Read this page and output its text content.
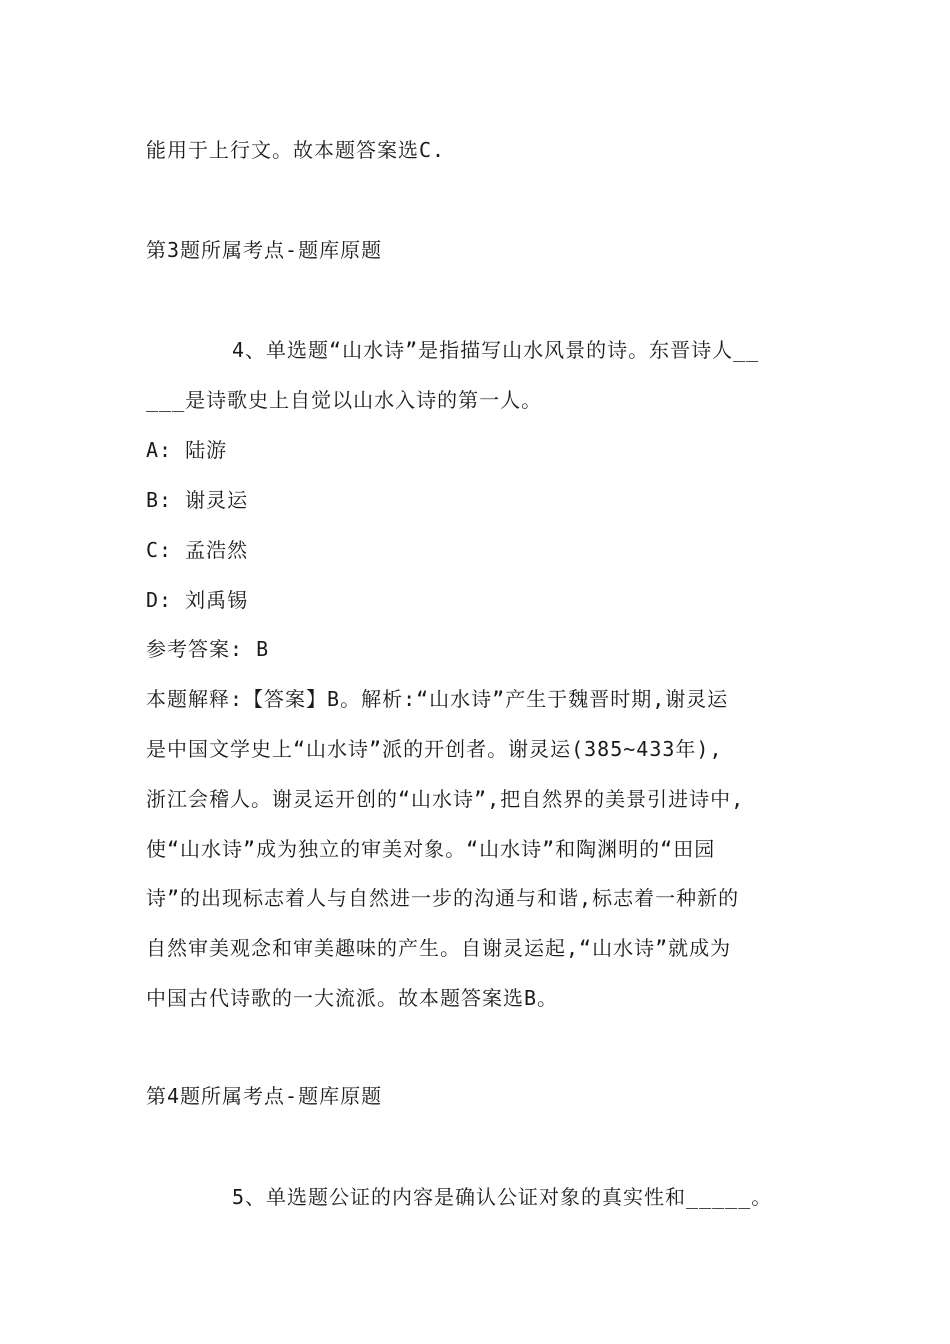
能用于上行文。故本题答案选C.
第3题所属考点-题库原题
4、单选题“山水诗”是指描写山水风景的诗。东晋诗人__
___是诗歌史上自觉以山水入诗的第一人。
A: 陆游
B: 谢灵运
C: 孟浩然
D: 刘禹锡
参考答案: B
本题解释:【答案】B。解析:“山水诗”产生于魏晋时期,谢灵运
是中国文学史上“山水诗”派的开创者。谢灵运(385~433年),
浙江会稽人。谢灵运开创的“山水诗”,把自然界的美景引进诗中,
使“山水诗”成为独立的审美对象。“山水诗”和陶渊明的“田园
诗”的出现标志着人与自然进一步的沟通与和谐,标志着一种新的
自然审美观念和审美趣味的产生。自谢灵运起,“山水诗”就成为
中国古代诗歌的一大流派。故本题答案选B。
第4题所属考点-题库原题
5、单选题公证的内容是确认公证对象的真实性和_____。
